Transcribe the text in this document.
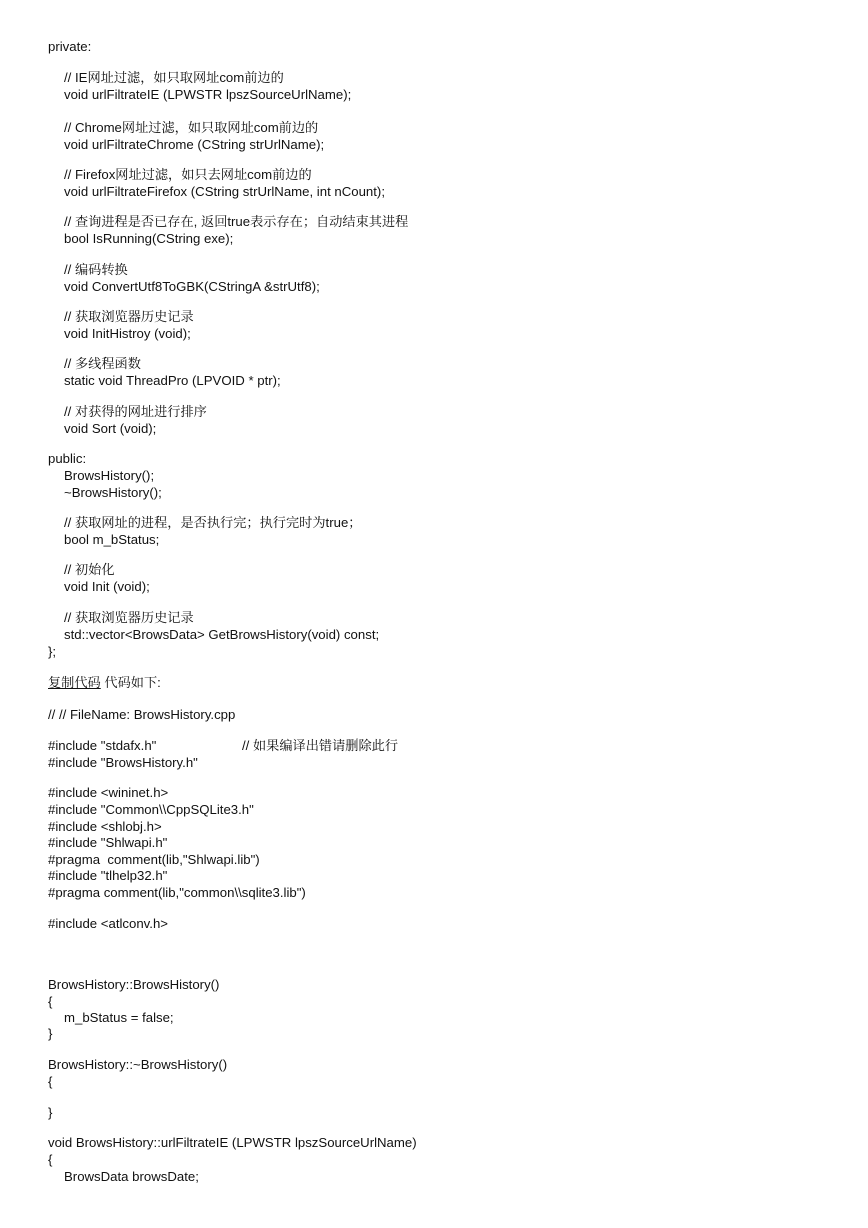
private:

// IE网址过滤，如只取网址com前边的

void urlFiltrateIE (LPWSTR lpszSourceUrlName);

// Chrome网址过滤，如只取网址com前边的

void urlFiltrateChrome (CString strUrlName);

// Firefox网址过滤，如只去网址com前边的

void urlFiltrateFirefox (CString strUrlName, int nCount);

// 查询进程是否已存在, 返回true表示存在；自动结束其进程

bool IsRunning(CString exe);

// 编码转换

void ConvertUtf8ToGBK(CStringA &strUtf8);

// 获取浏览器历史记录

void InitHistroy (void);

// 多线程函数

static void ThreadPro (LPVOID * ptr);

// 对获得的网址进行排序

void Sort (void);

public:

BrowsHistory();

~BrowsHistory();

// 获取网址的进程，是否执行完；执行完时为true；

bool m_bStatus;

// 初始化

void Init (void);

// 获取浏览器历史记录

std::vector<BrowsData> GetBrowsHistory(void) const;

};

复制代码 代码如下:

// // FileName: BrowsHistory.cpp

#include "stdafx.h"	// 如果编译出错请删除此行

#include "BrowsHistory.h"

#include <wininet.h>

#include "Common\\CppSQLite3.h"

#include <shlobj.h>

#include "Shlwapi.h"

#pragma  comment(lib,"Shlwapi.lib")

#include "tlhelp32.h"

#pragma comment(lib,"common\\sqlite3.lib")

#include <atlconv.h>

BrowsHistory::BrowsHistory()

{

m_bStatus = false;

}

BrowsHistory::~BrowsHistory()

{

}

void BrowsHistory::urlFiltrateIE (LPWSTR lpszSourceUrlName)

{

BrowsData browsDate;
